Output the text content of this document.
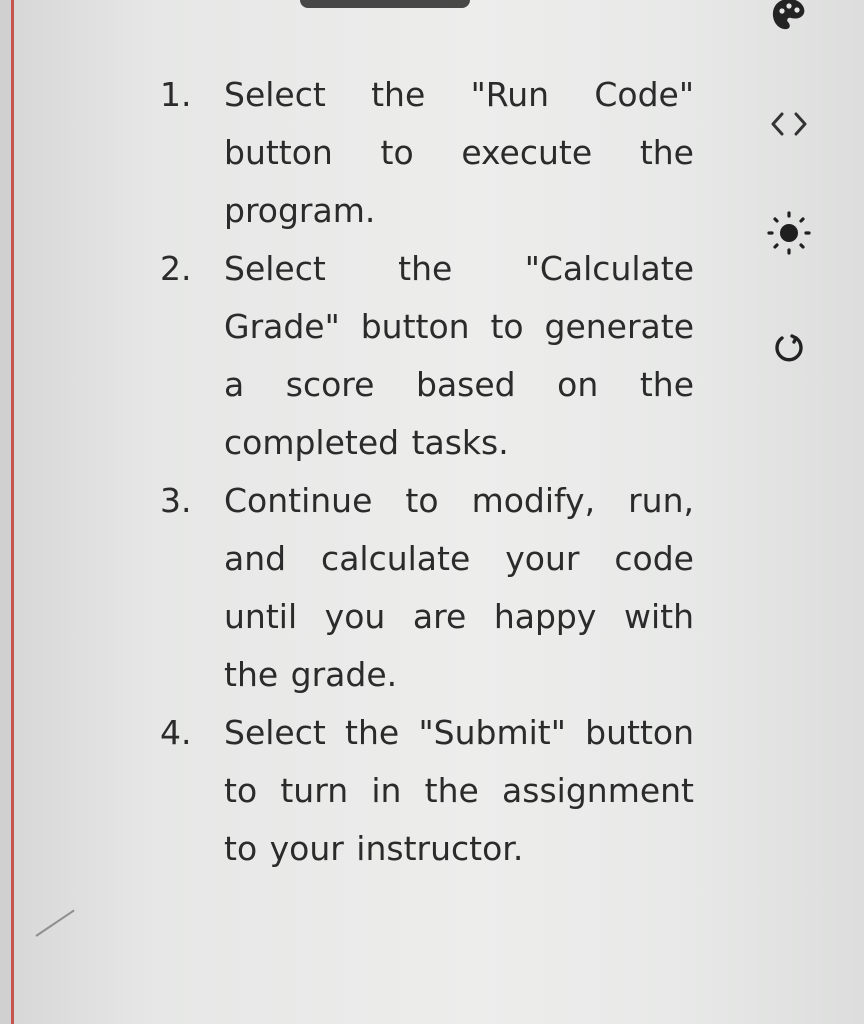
1. Select the "Run Code" button to execute the program.
2. Select the "Calculate Grade" button to generate a score based on the completed tasks.
3. Continue to modify, run, and calculate your code until you are happy with the grade.
4. Select the "Submit" button to turn in the assignment to your instructor.
